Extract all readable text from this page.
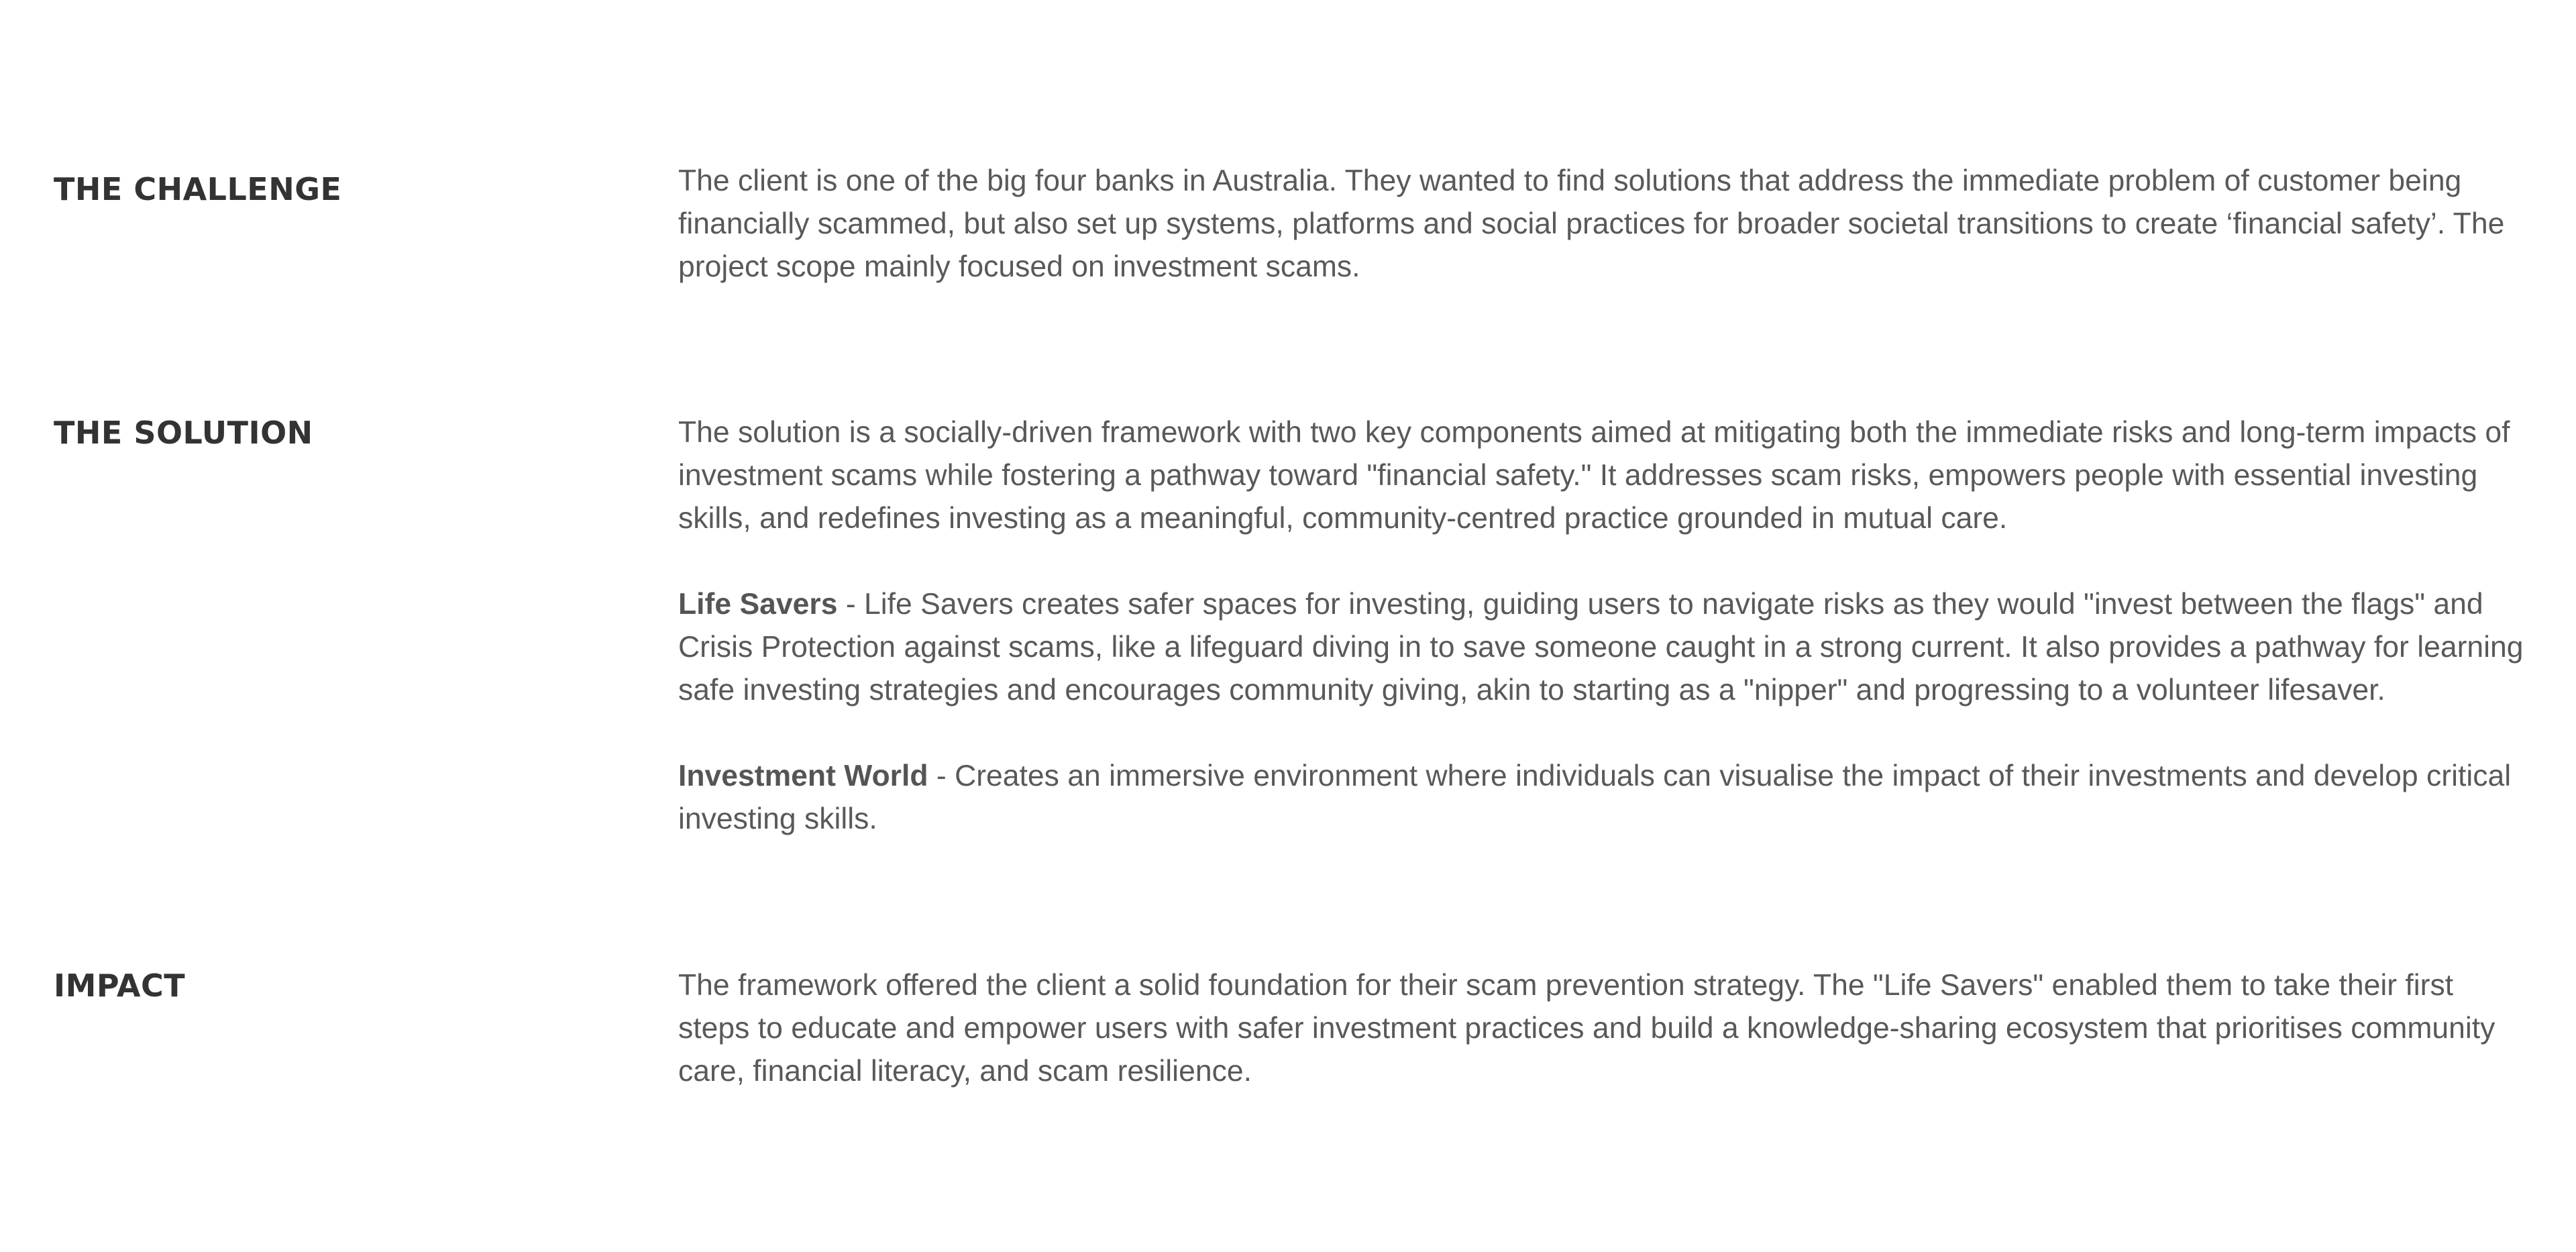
THE CHALLENGE	The client is one of the big four banks in Australia. They wanted to find solutions that address the immediate problem of customer being financially scammed, but also set up systems, platforms and social practices for broader societal transitions to create ‘financial safety’. The project scope mainly focused on investment scams.

THE SOLUTION	The solution is a socially-driven framework with two key components aimed at mitigating both the immediate risks and long-term impacts of investment scams while fostering a pathway toward "financial safety." It addresses scam risks, empowers people with essential investing skills, and redefines investing as a meaningful, community-centred practice grounded in mutual care.

Life Savers - Life Savers creates safer spaces for investing, guiding users to navigate risks as they would "invest between the flags" and Crisis Protection against scams, like a lifeguard diving in to save someone caught in a strong current. It also provides a pathway for learning safe investing strategies and encourages community giving, akin to starting as a "nipper" and progressing to a volunteer lifesaver.

Investment World - Creates an immersive environment where individuals can visualise the impact of their investments and develop critical investing skills.

IMPACT	The framework offered the client a solid foundation for their scam prevention strategy. The "Life Savers" enabled them to take their first steps to educate and empower users with safer investment practices and build a knowledge-sharing ecosystem that prioritises community care, financial literacy, and scam resilience.
